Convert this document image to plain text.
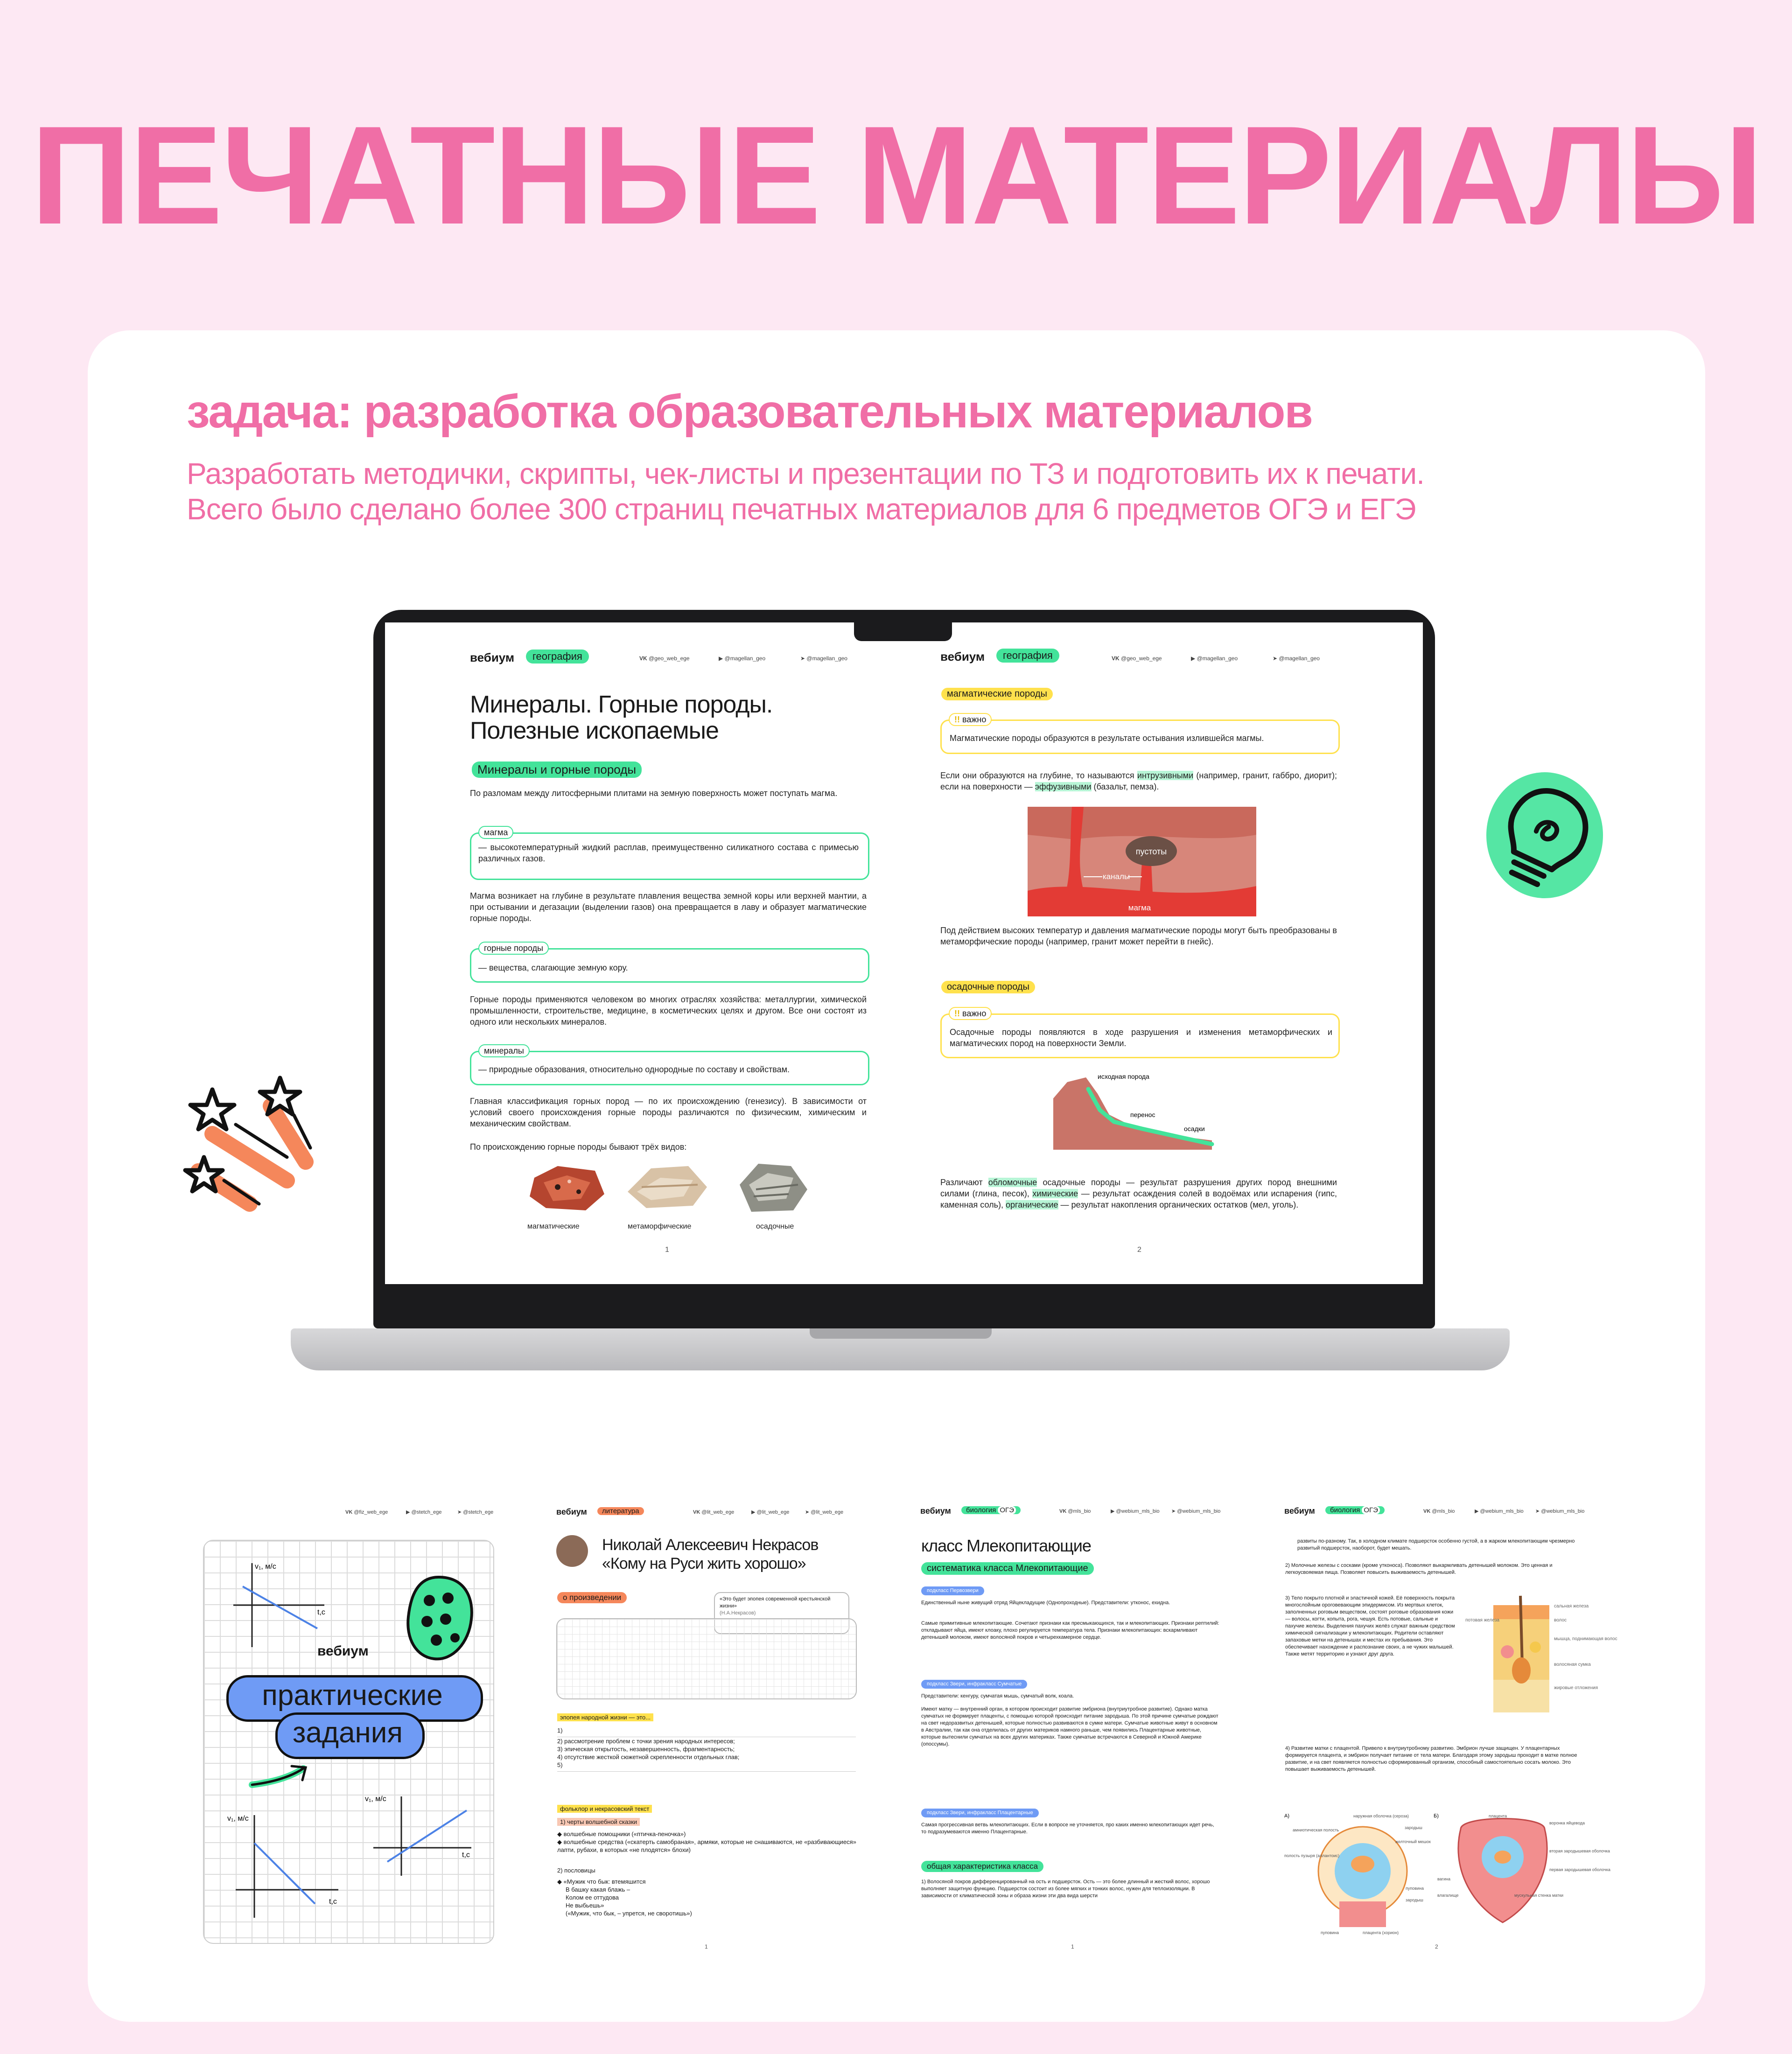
ПЕЧАТНЫЕ МАТЕРИАЛЫ
задача: разработка образовательных материалов
Разработать методички, скрипты, чек-листы и презентации по ТЗ и подготовить их к печати.
Всего было сделано более 300 страниц печатных материалов для 6 предметов ОГЭ и ЕГЭ
вебиум	география	VK @geo_web_ege	▶ @magellan_geo	➤ @magellan_geo
Минералы. Горные породы.
Полезные ископаемые
Минералы и горные породы
По разломам между литосферными плитами на земную поверхность может поступать магма.
магма
— высокотемпературный жидкий расплав, преимущественно силикатного состава с примесью различных газов.
Магма возникает на глубине в результате плавления вещества земной коры или верхней мантии, а при остывании и дегазации (выделении газов) она превращается в лаву и образует магматические горные породы.
горные породы
— вещества, слагающие земную кору.
Горные породы применяются человеком во многих отраслях хозяйства: металлургии, химической промышленности, строительстве, медицине, в косметических целях и другом. Все они состоят из одного или нескольких минералов.
минералы
— природные образования, относительно однородные по составу и свойствам.
Главная классификация горных пород — по их происхождению (генезису). В зависимости от условий своего происхождения горные породы различаются по физическим, химическим и механическим свойствам.
По происхождению горные породы бывают трёх видов:
магматические	метаморфические	осадочные
1
вебиум	география	VK @geo_web_ege	▶ @magellan_geo	➤ @magellan_geo
магматические породы
!! важно
Магматические породы образуются в результате остывания излившейся магмы.
Если они образуются на глубине, то называются интрузивными (например, гранит, габбро, диорит); если на поверхности — эффузивными (базальт, пемза).
пустоты
каналы
магма
Под действием высоких температур и давления магматические породы могут быть преобразованы в метаморфические породы (например, гранит может перейти в гнейс).
осадочные породы
!! важно
Осадочные породы появляются в ходе разрушения и изменения метаморфических и магматических пород на поверхности Земли.
исходная порода
перенос
осадки
Различают обломочные осадочные породы — результат разрушения других пород внешними силами (глина, песок), химические — результат осаждения солей в водоёмах или испарения (гипс, каменная соль), органические — результат накопления органических остатков (мел, уголь).
2
VK @fiz_web_ege	▶ @stetch_ege	➤ @stetch_ege
v₁, м/с
t,c
вебиум
практические
задания
v₁, м/с
t,c
v₁, м/с
t,c
вебиум	литература	VK @lit_web_ege	▶ @lit_web_ege	➤ @lit_web_ege
Николай Алексеевич Некрасов
«Кому на Руси жить хорошо»
о произведении	«Это будет эпопея современной крестьянской жизни»
(Н.А.Некрасов)
эпопея народной жизни — это...
1)
2) рассмотрение проблем с точки зрения народных интересов;
3) эпическая открытость, незавершенность, фрагментарность;
4) отсутствие жесткой сюжетной скрепленности отдельных глав;
5)
фольклор и некрасовский текст
1) черты волшебной сказки
◆ волшебные помощники («птичка-пеночка»)
◆ волшебные средства («скатерть самобраная», армяки, которые не снашиваются, не «разбивающиеся» лапти, рубахи, в которых «не плодятся» блохи)
2) пословицы
◆ «Мужик что бык: втемяшится
В башку какая блажь –
Колом ее оттудова
Не выбьешь»
(«Мужик, что бык, – упрется, не своротишь»)
1
вебиум	биология ОГЭ	VK @mls_bio	▶ @webium_mls_bio ➤ @webium_mls_bio
класс Млекопитающие
систематика класса Млекопитающие
подкласс Первозвери
Единственный ныне живущий отряд Яйцекладущие (Однопроходные). Представители: утконос, ехидна.
Самые примитивные млекопитающие. Сочетают признаки как пресмыкающихся, так и млекопитающих. Признаки рептилий: откладывают яйца, имеют клоаку, плохо регулируется температура тела. Признаки млекопитающих: вскармливают детенышей молоком, имеют волосяной покров и четырехкамерное сердце.
подкласс Звери, инфракласс Сумчатые
Представители: кенгуру, сумчатая мышь, сумчатый волк, коала.
Имеют матку — внутренний орган, в котором происходит развитие эмбриона (внутриутробное развитие). Однако матка сумчатых не формирует плаценты, с помощью которой происходит питание зародыша. По этой причине сумчатые рождают на свет недоразвитых детенышей, которые полностью развиваются в сумке матери. Сумчатые животные живут в основном в Австралии, так как она отделилась от других материков намного раньше, чем появились Плацентарные животные, которые вытеснили сумчатых на всех других материках. Также сумчатые встречаются в Северной и Южной Америке (опоссумы).
подкласс Звери, инфракласс Плацентарные
Самая прогрессивная ветвь млекопитающих. Если в вопросе не уточняется, про каких именно млекопитающих идет речь, то подразумеваются именно Плацентарные.
общая характеристика класса
1) Волосяной покров дифференцированный на ость и подшерсток. Ость — это более длинный и жесткий волос, хорошо выполняет защитную функцию. Подшерсток состоит из более мягких и тонких волос, нужен для теплоизоляции. В зависимости от климатической зоны и образа жизни эти два вида шерсти
1
вебиум	биология ОГЭ	VK @mls_bio	▶ @webium_mls_bio ➤ @webium_mls_bio
развиты по-разному. Так, в холодном климате подшерсток особенно густой, а в жарком млекопитающим чрезмерно развитый подшерсток, наоборот, будет мешать.
2) Молочные железы с сосками (кроме утконоса). Позволяют выкармливать детенышей молоком. Это ценная и легкоусвояемая пища. Позволяет повысить выживаемость детенышей.
3) Тело покрыто плотной и эластичной кожей. Её поверхность покрыта многослойным ороговевающим эпидермисом. Из мертвых клеток, заполненных роговым веществом, состоят роговые образования кожи — волосы, когти, копыта, рога, чешуя. Есть потовые, сальные и пахучие железы. Выделения пахучих желёз служат важным средством химической сигнализации у млекопитающих. Родители оставляют запаховые метки на детенышах и местах их пребывания. Это обеспечивает нахождение и распознание своих, а не чужих малышей. Также метят территорию и узнают друг друга.
потовая железа
сальная железа
волос
мышца, поднимающая волос
волосяная сумка
жировые отложения
4) Развитие матки с плацентой. Привело к внутриутробному развитию. Эмбрион лучше защищен. У плацентарных формируется плацента, и эмбрион получает питание от тела матери. Благодаря этому зародыш проходит в матке полное развитие, и на свет появляется полностью сформированный организм, способный самостоятельно сосать молоко. Это повышает выживаемость детенышей.
А)	наружная оболочка (сероза)
амниотическая полость	зародыш
желточный мешок
полость пузыря (аллантоис)
пуповина
зародыш
пуповина	плацента (хорион)
Б)	плацента
вагина
воронка яйцевода
вторая зародышевая оболочка
первая зародышевая оболочка
влагалище	мускульная стенка матки
2
